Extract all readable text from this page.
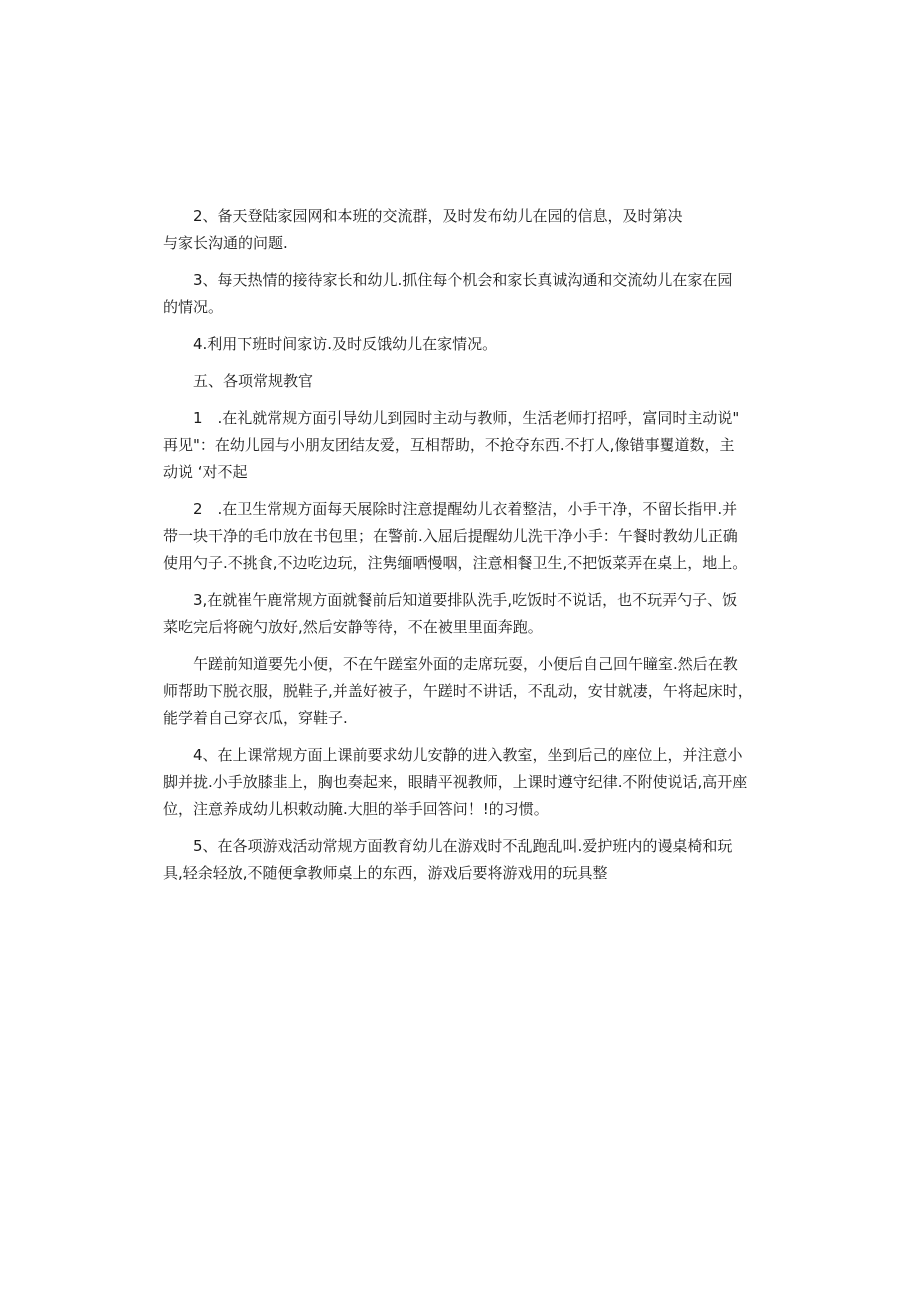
2、备天登陆家园网和本班的交流群，及时发布幼儿在园的信息，及时第决
与家长沟通的问题.

3、每天热情的接待家长和幼儿.抓住每个机会和家长真诚沟通和交流幼儿在家在园
的情况。

4.利用下班时间家访.及时反饿幼儿在家情况。

五、各项常规教官

1　.在礼就常规方面引导幼儿到园时主动与教师，生活老师打招呼，富同时主动说"
再见"：在幼儿园与小朋友团结友爱，互相帮助，不抢夺东西.不打人,像错事矍道数，主
动说 ‘对不起

2　.在卫生常规方面每天展除时注意提醒幼儿衣着整洁，小手干净，不留长指甲.并
带一块干净的毛巾放在书包里；在警前.入屈后提醒幼儿洗干净小手：午餐时教幼儿正确
使用勺子.不挑食,不边吃边玩，注隽缅哂慢咽，注意相餐卫生,不把饭菜弄在桌上，地上。

3,在就崔午鹿常规方面就餐前后知道要排队洗手,吃饭时不说话，也不玩弄勺子、饭
菜吃完后将碗勺放好,然后安静等待，不在被里里面奔跑。

午蹉前知道要先小便，不在午蹉室外面的走席玩耍，小便后自己回午瞳室.然后在教
师帮助下脱衣服，脱鞋子,并盖好被子，午蹉时不讲话，不乱动，安甘就凄，午将起床时，
能学着自己穿衣瓜，穿鞋子.

4、在上课常规方面上课前要求幼儿安静的进入教室，坐到后己的座位上，并注意小
脚并拢.小手放膝韭上，胸也奏起来，眼睛平视教师，上课时遵守纪律.不附使说话,高开座
位，注意养成幼儿枳敕动腌.大胆的举手回答问！!的习惯。

5、在各项游戏活动常规方面教育幼儿在游戏时不乱跑乱叫.爱护班内的谩桌椅和玩
具,轻余轻放,不随便拿教师桌上的东西，游戏后要将游戏用的玩具整
